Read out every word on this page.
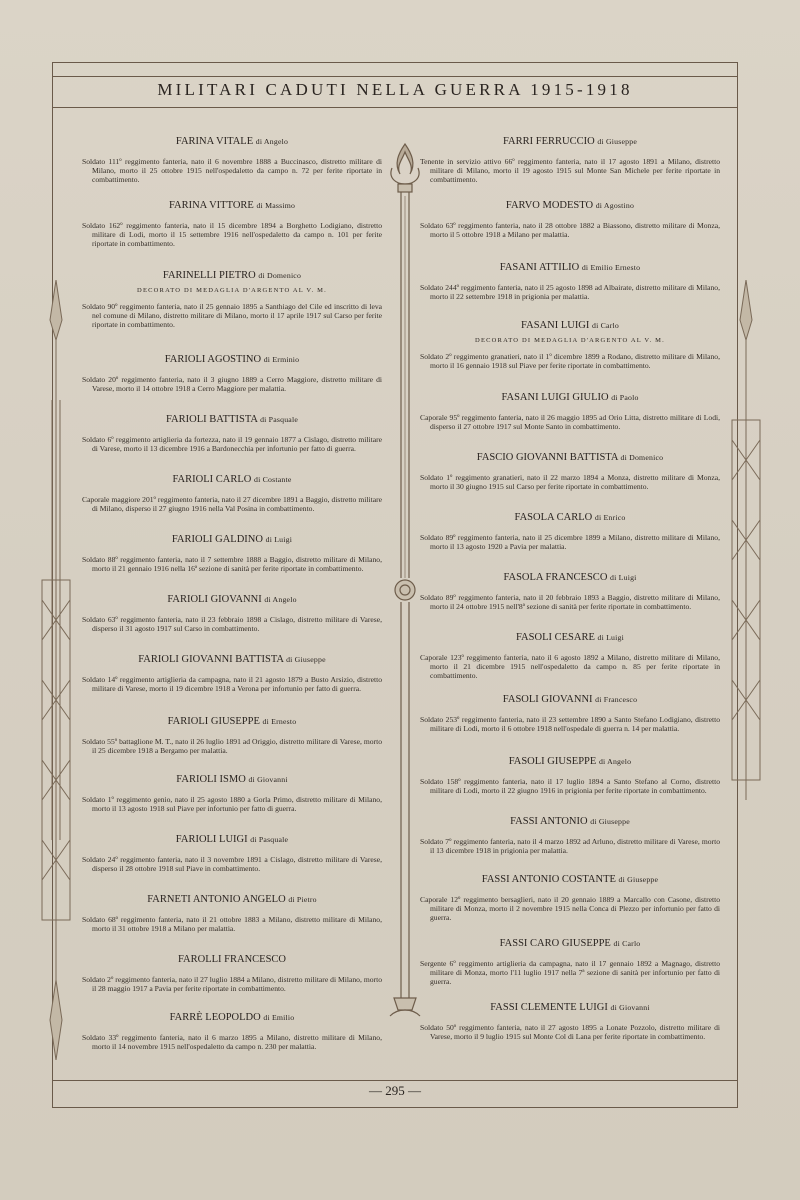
MILITARI CADUTI NELLA GUERRA 1915-1918
FARINA VITALE di Angelo
Soldato 111º reggimento fanteria, nato il 6 novembre 1888 a Buccinasco, distretto militare di Milano, morto il 25 ottobre 1915 nell'ospedaletto da campo n. 72 per ferite riportate in combattimento.
FARINA VITTORE di Massimo
Soldato 162º reggimento fanteria, nato il 15 dicembre 1894 a Borghetto Lodigiano, distretto militare di Lodi, morto il 15 settembre 1916 nell'ospedaletto da campo n. 101 per ferite riportate in combattimento.
FARINELLI PIETRO di Domenico
DECORATO DI MEDAGLIA D'ARGENTO AL V. M.
Soldato 90º reggimento fanteria, nato il 25 gennaio 1895 a Santhiago del Cile ed inscritto di leva nel comune di Milano, distretto militare di Milano, morto il 17 aprile 1917 sul Carso per ferite riportate in combattimento.
FARIOLI AGOSTINO di Erminio
Soldato 20º reggimento fanteria, nato il 3 giugno 1889 a Cerro Maggiore, distretto militare di Varese, morto il 14 ottobre 1918 a Cerro Maggiore per malattia.
FARIOLI BATTISTA di Pasquale
Soldato 6º reggimento artiglieria da fortezza, nato il 19 gennaio 1877 a Cislago, distretto militare di Varese, morto il 13 dicembre 1916 a Bardonecchia per infortunio per fatto di guerra.
FARIOLI CARLO di Costante
Caporale maggiore 201º reggimento fanteria, nato il 27 dicembre 1891 a Baggio, distretto militare di Milano, disperso il 27 giugno 1916 nella Val Posina in combattimento.
FARIOLI GALDINO di Luigi
Soldato 88º reggimento fanteria, nato il 7 settembre 1888 a Baggio, distretto militare di Milano, morto il 21 gennaio 1916 nella 16ª sezione di sanità per ferite riportate in combattimento.
FARIOLI GIOVANNI di Angelo
Soldato 63º reggimento fanteria, nato il 23 febbraio 1898 a Cislago, distretto militare di Varese, disperso il 31 agosto 1917 sul Carso in combattimento.
FARIOLI GIOVANNI BATTISTA di Giuseppe
Soldato 14º reggimento artiglieria da campagna, nato il 21 agosto 1879 a Busto Arsizio, distretto militare di Varese, morto il 19 dicembre 1918 a Verona per infortunio per fatto di guerra.
FARIOLI GIUSEPPE di Ernesto
Soldato 55º battaglione M. T., nato il 26 luglio 1891 ad Origgio, distretto militare di Varese, morto il 25 dicembre 1918 a Bergamo per malattia.
FARIOLI ISMO di Giovanni
Soldato 1º reggimento genio, nato il 25 agosto 1880 a Gorla Primo, distretto militare di Milano, morto il 13 agosto 1918 sul Piave per infortunio per fatto di guerra.
FARIOLI LUIGI di Pasquale
Soldato 24º reggimento fanteria, nato il 3 novembre 1891 a Cislago, distretto militare di Varese, disperso il 28 ottobre 1918 sul Piave in combattimento.
FARNETI ANTONIO ANGELO di Pietro
Soldato 68º reggimento fanteria, nato il 21 ottobre 1883 a Milano, distretto militare di Milano, morto il 31 ottobre 1918 a Milano per malattia.
FAROLLI FRANCESCO
Soldato 2º reggimento fanteria, nato il 27 luglio 1884 a Milano, distretto militare di Milano, morto il 28 maggio 1917 a Pavia per ferite riportate in combattimento.
FARRÈ LEOPOLDO di Emilio
Soldato 33º reggimento fanteria, nato il 6 marzo 1895 a Milano, distretto militare di Milano, morto il 14 novembre 1915 nell'ospedaletto da campo n. 230 per malattia.
FARRI FERRUCCIO di Giuseppe
Tenente in servizio attivo 66º reggimento fanteria, nato il 17 agosto 1891 a Milano, distretto militare di Milano, morto il 19 agosto 1915 sul Monte San Michele per ferite riportate in combattimento.
FARVO MODESTO di Agostino
Soldato 63º reggimento fanteria, nato il 28 ottobre 1882 a Biassono, distretto militare di Monza, morto il 5 ottobre 1918 a Milano per malattia.
FASANI ATTILIO di Emilio Ernesto
Soldato 244º reggimento fanteria, nato il 25 agosto 1898 ad Albairate, distretto militare di Milano, morto il 22 settembre 1918 in prigionia per malattia.
FASANI LUIGI di Carlo
DECORATO DI MEDAGLIA D'ARGENTO AL V. M.
Soldato 2º reggimento granatieri, nato il 1º dicembre 1899 a Rodano, distretto militare di Milano, morto il 16 gennaio 1918 sul Piave per ferite riportate in combattimento.
FASANI LUIGI GIULIO di Paolo
Caporale 95º reggimento fanteria, nato il 26 maggio 1895 ad Orio Litta, distretto militare di Lodi, disperso il 27 ottobre 1917 sul Monte Santo in combattimento.
FASCIO GIOVANNI BATTISTA di Domenico
Soldato 1º reggimento granatieri, nato il 22 marzo 1894 a Monza, distretto militare di Monza, morto il 30 giugno 1915 sul Carso per ferite riportate in combattimento.
FASOLA CARLO di Enrico
Soldato 89º reggimento fanteria, nato il 25 dicembre 1899 a Milano, distretto militare di Milano, morto il 13 agosto 1920 a Pavia per malattia.
FASOLA FRANCESCO di Luigi
Soldato 89º reggimento fanteria, nato il 20 febbraio 1893 a Baggio, distretto militare di Milano, morto il 24 ottobre 1915 nell'8ª sezione di sanità per ferite riportate in combattimento.
FASOLI CESARE di Luigi
Caporale 123º reggimento fanteria, nato il 6 agosto 1892 a Milano, distretto militare di Milano, morto il 21 dicembre 1915 nell'ospedaletto da campo n. 85 per ferite riportate in combattimento.
FASOLI GIOVANNI di Francesco
Soldato 253º reggimento fanteria, nato il 23 settembre 1890 a Santo Stefano Lodigiano, distretto militare di Lodi, morto il 6 ottobre 1918 nell'ospedale di guerra n. 14 per malattia.
FASOLI GIUSEPPE di Angelo
Soldato 158º reggimento fanteria, nato il 17 luglio 1894 a Santo Stefano al Corno, distretto militare di Lodi, morto il 22 giugno 1916 in prigionia per ferite riportate in combattimento.
FASSI ANTONIO di Giuseppe
Soldato 7º reggimento fanteria, nato il 4 marzo 1892 ad Arluno, distretto militare di Varese, morto il 13 dicembre 1918 in prigionia per malattia.
FASSI ANTONIO COSTANTE di Giuseppe
Caporale 12º reggimento bersaglieri, nato il 20 gennaio 1889 a Marcallo con Casone, distretto militare di Monza, morto il 2 novembre 1915 nella Conca di Plezzo per infortunio per fatto di guerra.
FASSI CARO GIUSEPPE di Carlo
Sergente 6º reggimento artiglieria da campagna, nato il 17 gennaio 1892 a Magnago, distretto militare di Monza, morto l'11 luglio 1917 nella 7ª sezione di sanità per infortunio per fatto di guerra.
FASSI CLEMENTE LUIGI di Giovanni
Soldato 50º reggimento fanteria, nato il 27 agosto 1895 a Lonate Pozzolo, distretto militare di Varese, morto il 9 luglio 1915 sul Monte Col di Lana per ferite riportate in combattimento.
— 295 —
